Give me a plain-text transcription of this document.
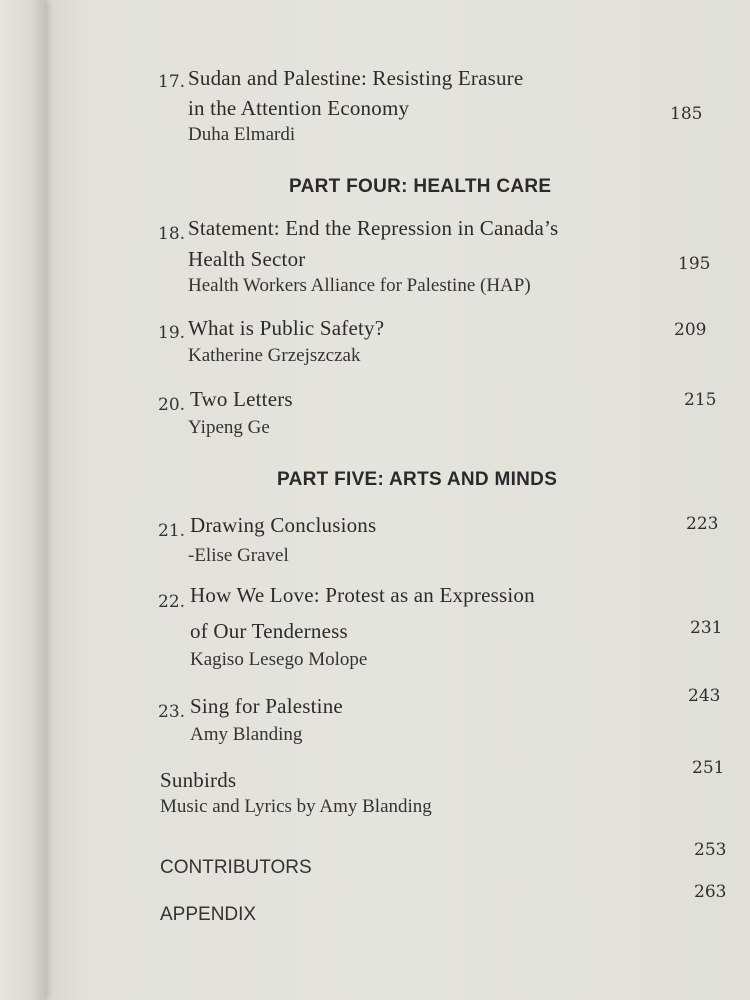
17. Sudan and Palestine: Resisting Erasure
in the Attention Economy
Duha Elmardi
185
PART FOUR: HEALTH CARE
18. Statement: End the Repression in Canada’s
Health Sector
Health Workers Alliance for Palestine (HAP)
195
19. What is Public Safety?
Katherine Grzejszczak
209
20. Two Letters
Yipeng Ge
215
PART FIVE: ARTS AND MINDS
21. Drawing Conclusions
-Elise Gravel
223
22. How We Love: Protest as an Expression
of Our Tenderness
Kagiso Lesego Molope
231
23. Sing for Palestine
Amy Blanding
243
Sunbirds
Music and Lyrics by Amy Blanding
251
CONTRIBUTORS
253
APPENDIX
263
